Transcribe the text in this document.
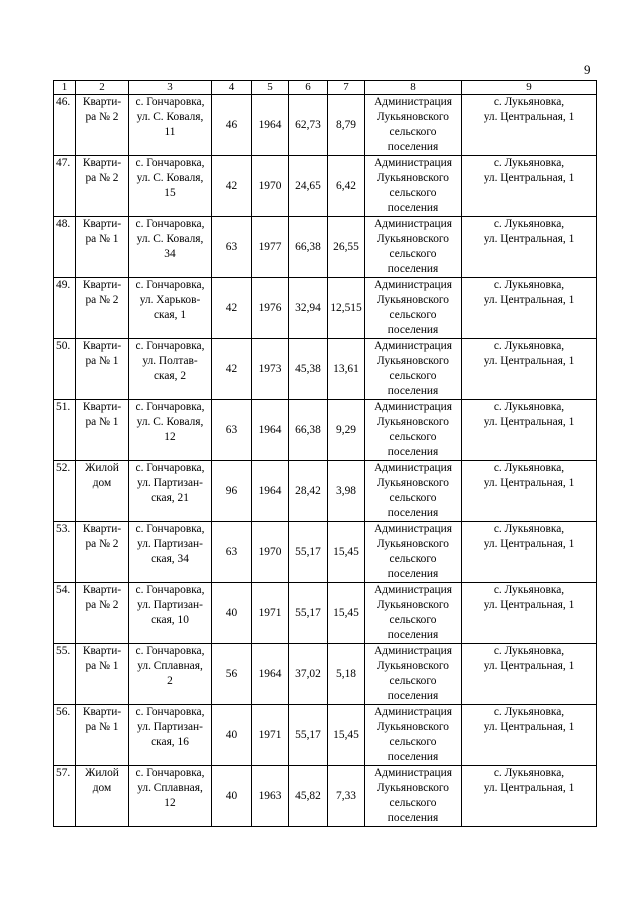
9
1	2	3	4	5	6	7	8	9
46.	Кварти-
ра № 2	с. Гончаровка,
ул. С. Коваля,
11	46	1964	62,73	8,79	Администрация
Лукьяновского
сельского
поселения	с. Лукьяновка,
ул. Центральная, 1
47.	Кварти-
ра № 2	с. Гончаровка,
ул. С. Коваля,
15	42	1970	24,65	6,42	Администрация
Лукьяновского
сельского
поселения	с. Лукьяновка,
ул. Центральная, 1
48.	Кварти-
ра № 1	с. Гончаровка,
ул. С. Коваля,
34	63	1977	66,38	26,55	Администрация
Лукьяновского
сельского
поселения	с. Лукьяновка,
ул. Центральная, 1
49.	Кварти-
ра № 2	с. Гончаровка,
ул. Харьков-
ская, 1	42	1976	32,94	12,515	Администрация
Лукьяновского
сельского
поселения	с. Лукьяновка,
ул. Центральная, 1
50.	Кварти-
ра № 1	с. Гончаровка,
ул. Полтав-
ская, 2	42	1973	45,38	13,61	Администрация
Лукьяновского
сельского
поселения	с. Лукьяновка,
ул. Центральная, 1
51.	Кварти-
ра № 1	с. Гончаровка,
ул. С. Коваля,
12	63	1964	66,38	9,29	Администрация
Лукьяновского
сельского
поселения	с. Лукьяновка,
ул. Центральная, 1
52.	Жилой
дом	с. Гончаровка,
ул. Партизан-
ская, 21	96	1964	28,42	3,98	Администрация
Лукьяновского
сельского
поселения	с. Лукьяновка,
ул. Центральная, 1
53.	Кварти-
ра № 2	с. Гончаровка,
ул. Партизан-
ская, 34	63	1970	55,17	15,45	Администрация
Лукьяновского
сельского
поселения	с. Лукьяновка,
ул. Центральная, 1
54.	Кварти-
ра № 2	с. Гончаровка,
ул. Партизан-
ская, 10	40	1971	55,17	15,45	Администрация
Лукьяновского
сельского
поселения	с. Лукьяновка,
ул. Центральная, 1
55.	Кварти-
ра № 1	с. Гончаровка,
ул. Сплавная,
2	56	1964	37,02	5,18	Администрация
Лукьяновского
сельского
поселения	с. Лукьяновка,
ул. Центральная, 1
56.	Кварти-
ра № 1	с. Гончаровка,
ул. Партизан-
ская, 16	40	1971	55,17	15,45	Администрация
Лукьяновского
сельского
поселения	с. Лукьяновка,
ул. Центральная, 1
57.	Жилой
дом	с. Гончаровка,
ул. Сплавная,
12	40	1963	45,82	7,33	Администрация
Лукьяновского
сельского
поселения	с. Лукьяновка,
ул. Центральная, 1
